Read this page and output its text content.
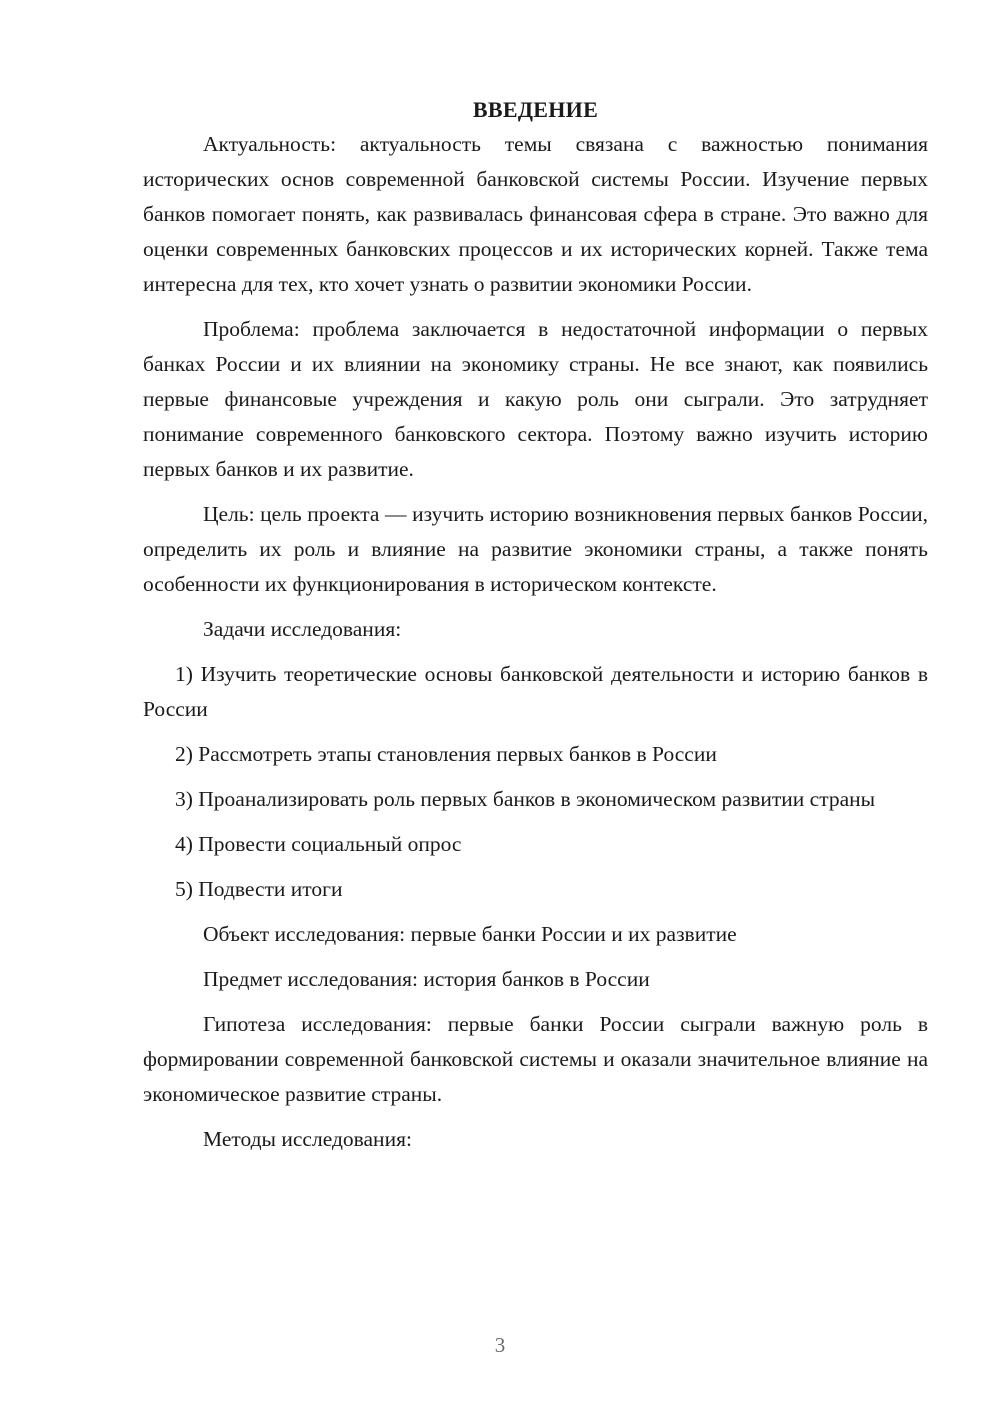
ВВЕДЕНИЕ

Актуальность: актуальность темы связана с важностью понимания исторических основ современной банковской системы России. Изучение первых банков помогает понять, как развивалась финансовая сфера в стране. Это важно для оценки современных банковских процессов и их исторических корней. Также тема интересна для тех, кто хочет узнать о развитии экономики России.

Проблема: проблема заключается в недостаточной информации о первых банках России и их влиянии на экономику страны. Не все знают, как появились первые финансовые учреждения и какую роль они сыграли. Это затрудняет понимание современного банковского сектора. Поэтому важно изучить историю первых банков и их развитие.

Цель: цель проекта — изучить историю возникновения первых банков России, определить их роль и влияние на развитие экономики страны, а также понять особенности их функционирования в историческом контексте.

Задачи исследования:

1) Изучить теоретические основы банковской деятельности и историю банков в России

2) Рассмотреть этапы становления первых банков в России

3) Проанализировать роль первых банков в экономическом развитии страны

4) Провести социальный опрос

5) Подвести итоги

Объект исследования: первые банки России и их развитие

Предмет исследования: история банков в России

Гипотеза исследования: первые банки России сыграли важную роль в формировании современной банковской системы и оказали значительное влияние на экономическое развитие страны.

Методы исследования:

3
